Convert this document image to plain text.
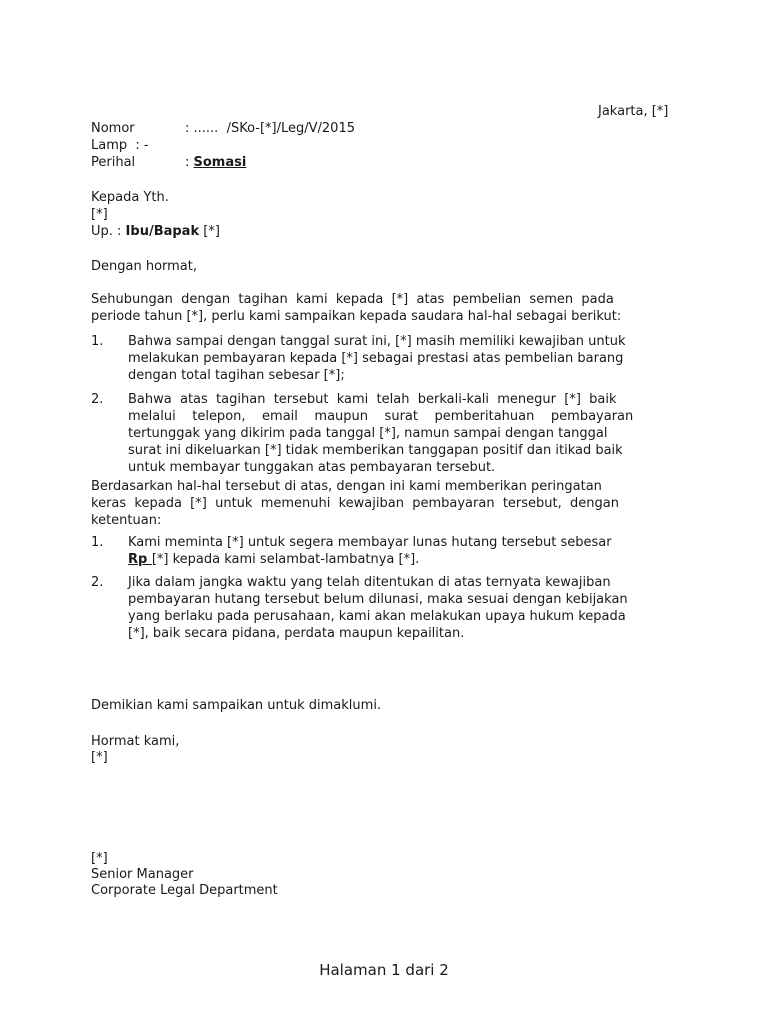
Jakarta, [*]
Nomor	: ......  /SKo-[*]/Leg/V/2015
Lamp  : -
Perihal	: Somasi
Kepada Yth.
[*]
Up. : Ibu/Bapak [*]
Dengan hormat,

Sehubungan  dengan  tagihan  kami  kepada  [*]  atas  pembelian  semen  pada

periode tahun [*], perlu kami sampaikan kepada saudara hal-hal sebagai berikut:

1. Bahwa sampai dengan tanggal surat ini, [*] masih memiliki kewajiban untuk

melakukan pembayaran kepada [*] sebagai prestasi atas pembelian barang

dengan total tagihan sebesar [*];

2. Bahwa  atas  tagihan  tersebut  kami  telah  berkali-kali  menegur  [*]  baik

melalui    telepon,    email    maupun    surat    pemberitahuan    pembayaran

tertunggak yang dikirim pada tanggal [*], namun sampai dengan tanggal

surat ini dikeluarkan [*] tidak memberikan tanggapan positif dan itikad baik

untuk membayar tunggakan atas pembayaran tersebut.

Berdasarkan hal-hal tersebut di atas, dengan ini kami memberikan peringatan

keras  kepada  [*]  untuk  memenuhi  kewajiban  pembayaran  tersebut,  dengan

ketentuan:

1. Kami meminta [*] untuk segera membayar lunas hutang tersebut sebesar

Rp [*] kepada kami selambat-lambatnya [*].

2. Jika dalam jangka waktu yang telah ditentukan di atas ternyata kewajiban

pembayaran hutang tersebut belum dilunasi, maka sesuai dengan kebijakan

yang berlaku pada perusahaan, kami akan melakukan upaya hukum kepada

[*], baik secara pidana, perdata maupun kepailitan.

Demikian kami sampaikan untuk dimaklumi.
Hormat kami,
[*]
[*]
Senior Manager
Corporate Legal Department
Halaman 1 dari 2
